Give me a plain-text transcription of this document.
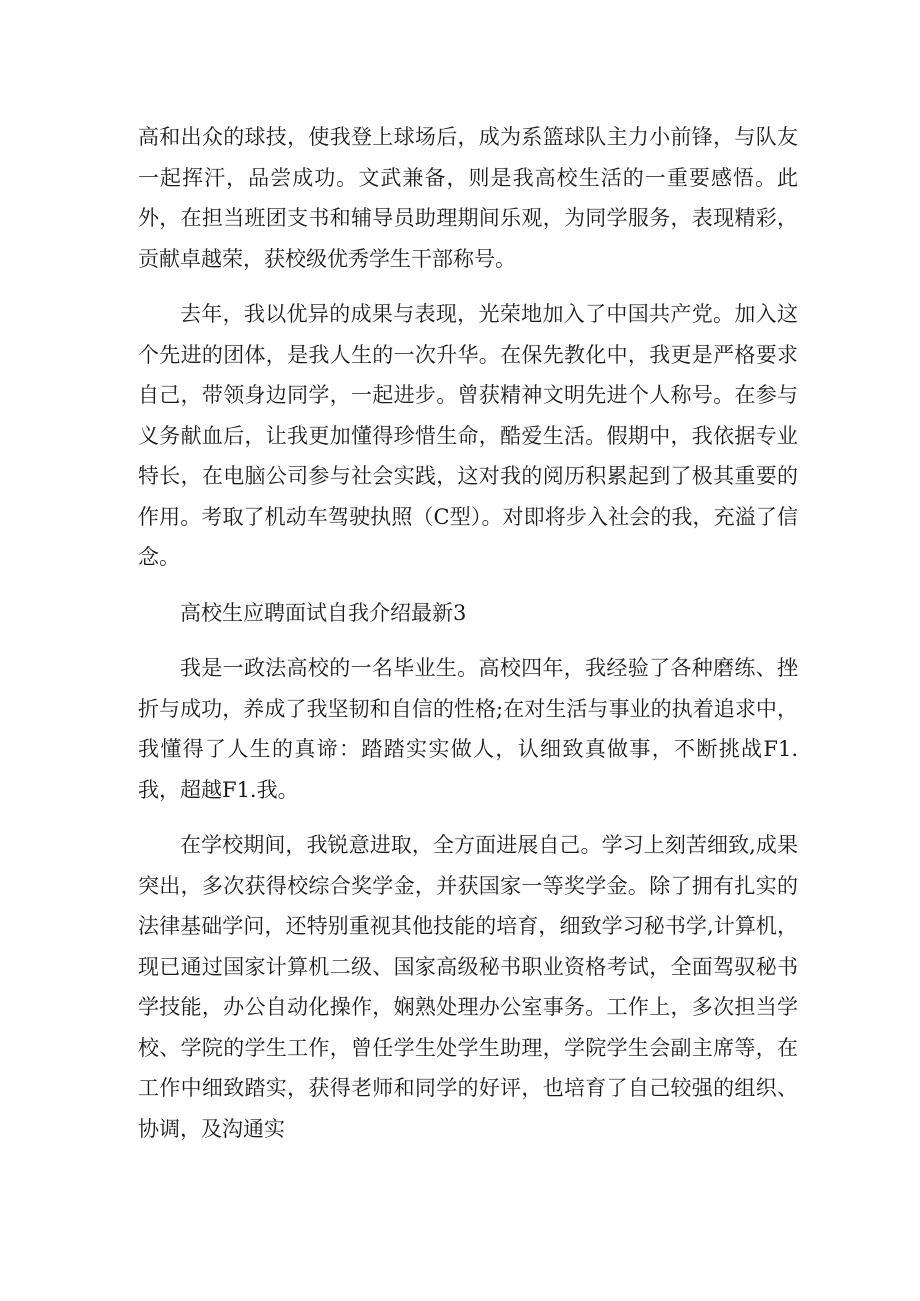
高和出众的球技，使我登上球场后，成为系篮球队主力小前锋，与队友一起挥汗，品尝成功。文武兼备，则是我高校生活的一重要感悟。此外，在担当班团支书和辅导员助理期间乐观，为同学服务，表现精彩，贡献卓越荣，获校级优秀学生干部称号。

去年，我以优异的成果与表现，光荣地加入了中国共产党。加入这个先进的团体，是我人生的一次升华。在保先教化中，我更是严格要求自己，带领身边同学，一起进步。曾获精神文明先进个人称号。在参与义务献血后，让我更加懂得珍惜生命，酷爱生活。假期中，我依据专业特长，在电脑公司参与社会实践，这对我的阅历积累起到了极其重要的作用。考取了机动车驾驶执照（C型）。对即将步入社会的我，充溢了信念。

高校生应聘面试自我介绍最新3

我是一政法高校的一名毕业生。高校四年，我经验了各种磨练、挫折与成功，养成了我坚韧和自信的性格;在对生活与事业的执着追求中，我懂得了人生的真谛：踏踏实实做人，认细致真做事，不断挑战F1.我，超越F1.我。

在学校期间，我锐意进取，全方面进展自己。学习上刻苦细致,成果突出，多次获得校综合奖学金，并获国家一等奖学金。除了拥有扎实的法律基础学问，还特别重视其他技能的培育，细致学习秘书学,计算机，现已通过国家计算机二级、国家高级秘书职业资格考试，全面驾驭秘书学技能，办公自动化操作，娴熟处理办公室事务。工作上，多次担当学校、学院的学生工作，曾任学生处学生助理，学院学生会副主席等，在工作中细致踏实，获得老师和同学的好评，也培育了自己较强的组织、协调，及沟通实
